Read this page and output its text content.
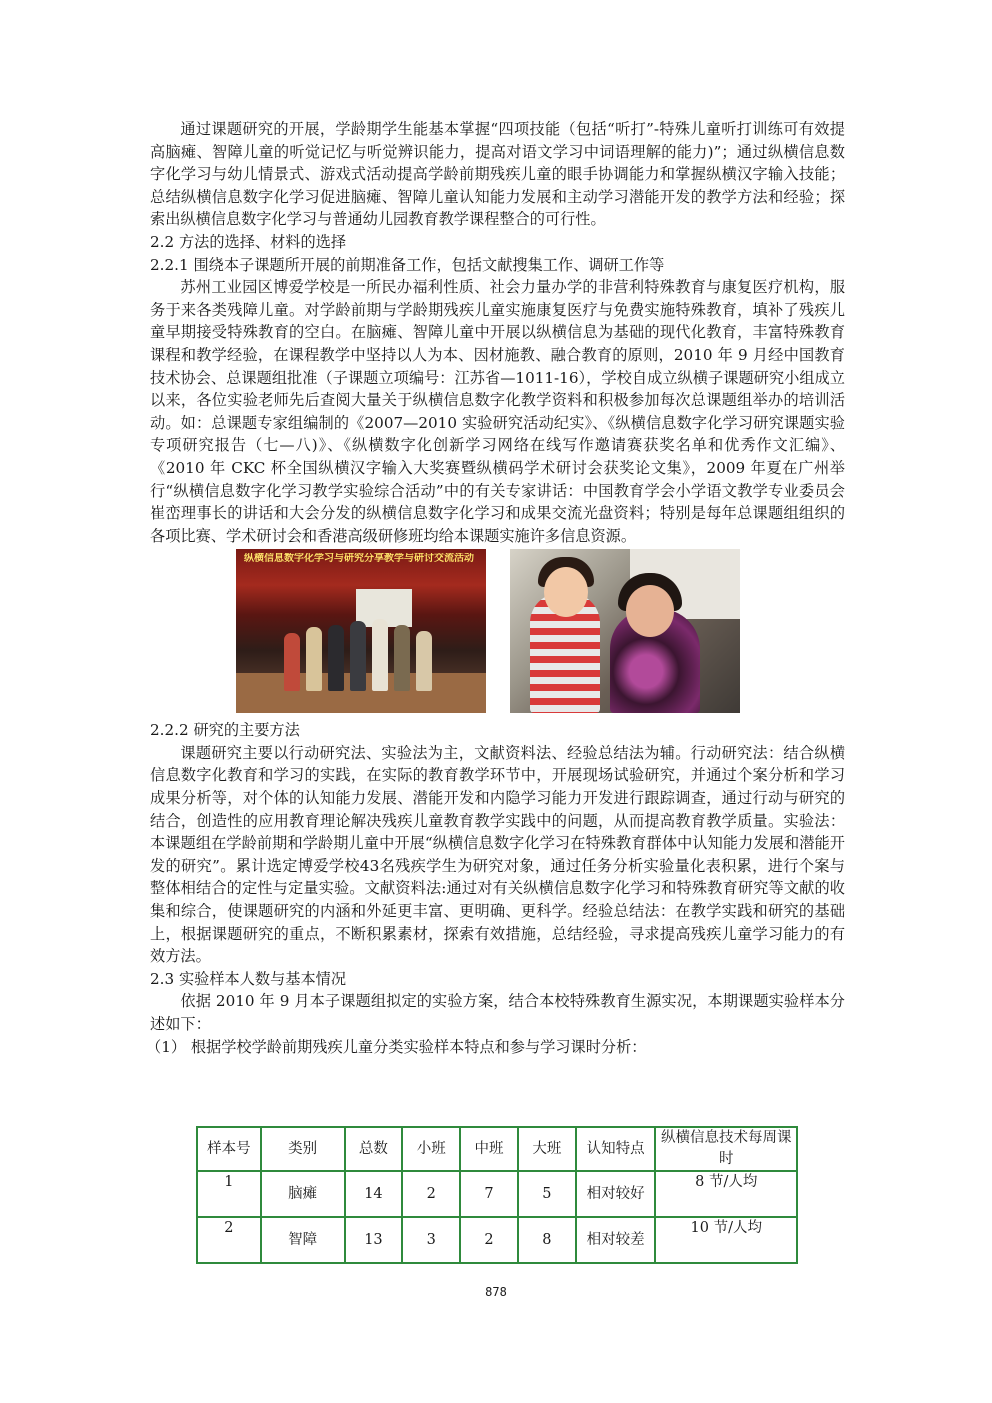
通过课题研究的开展，学龄期学生能基本掌握“四项技能（包括“听打”-特殊儿童听打训练可有效提高脑瘫、智障儿童的听觉记忆与听觉辨识能力，提高对语文学习中词语理解的能力)”；通过纵横信息数字化学习与幼儿情景式、游戏式活动提高学龄前期残疾儿童的眼手协调能力和掌握纵横汉字输入技能；总结纵横信息数字化学习促进脑瘫、智障儿童认知能力发展和主动学习潜能开发的教学方法和经验；探索出纵横信息数字化学习与普通幼儿园教育教学课程整合的可行性。

2.2 方法的选择、材料的选择

2.2.1 围绕本子课题所开展的前期准备工作，包括文献搜集工作、调研工作等

苏州工业园区博爱学校是一所民办福利性质、社会力量办学的非营利特殊教育与康复医疗机构，服务于来各类残障儿童。对学龄前期与学龄期残疾儿童实施康复医疗与免费实施特殊教育，填补了残疾儿童早期接受特殊教育的空白。在脑瘫、智障儿童中开展以纵横信息为基础的现代化教育，丰富特殊教育课程和教学经验，在课程教学中坚持以人为本、因材施教、融合教育的原则，2010 年 9 月经中国教育技术协会、总课题组批准（子课题立项编号：江苏省—1011-16），学校自成立纵横子课题研究小组成立以来，各位实验老师先后查阅大量关于纵横信息数字化教学资料和积极参加每次总课题组举办的培训活动。如：总课题专家组编制的《2007—2010 实验研究活动纪实》、《纵横信息数字化学习研究课题实验专项研究报告（七—八)》、《纵横数字化创新学习网络在线写作邀请赛获奖名单和优秀作文汇编》、《2010 年 CKC 杯全国纵横汉字输入大奖赛暨纵横码学术研讨会获奖论文集》，2009 年夏在广州举行“纵横信息数字化学习教学实验综合活动”中的有关专家讲话：中国教育学会小学语文教学专业委员会崔峦理事长的讲话和大会分发的纵横信息数字化学习和成果交流光盘资料；特别是每年总课题组组织的各项比赛、学术研讨会和香港高级研修班均给本课题实施许多信息资源。

纵横信息数字化学习与研究分享教学与研讨交流活动

2.2.2 研究的主要方法

课题研究主要以行动研究法、实验法为主，文献资料法、经验总结法为辅。行动研究法：结合纵横信息数字化教育和学习的实践，在实际的教育教学环节中，开展现场试验研究，并通过个案分析和学习成果分析等，对个体的认知能力发展、潜能开发和内隐学习能力开发进行跟踪调查，通过行动与研究的结合，创造性的应用教育理论解决残疾儿童教育教学实践中的问题，从而提高教育教学质量。实验法：本课题组在学龄前期和学龄期儿童中开展“纵横信息数字化学习在特殊教育群体中认知能力发展和潜能开发的研究”。累计选定博爱学校43名残疾学生为研究对象，通过任务分析实验量化表积累，进行个案与整体相结合的定性与定量实验。文献资料法:通过对有关纵横信息数字化学习和特殊教育研究等文献的收集和综合，使课题研究的内涵和外延更丰富、更明确、更科学。经验总结法：在教学实践和研究的基础上，根据课题研究的重点，不断积累素材，探索有效措施，总结经验，寻求提高残疾儿童学习能力的有效方法。

2.3 实验样本人数与基本情况

依据 2010 年 9 月本子课题组拟定的实验方案，结合本校特殊教育生源实况，本期课题实验样本分述如下：

（1） 根据学校学龄前期残疾儿童分类实验样本特点和参与学习课时分析：

样本号	类别	总数	小班	中班	大班	认知特点	纵横信息技术每周课时
1	脑瘫	14	2	7	5	相对较好	8 节/人均
2	智障	13	3	2	8	相对较差	10 节/人均
878
